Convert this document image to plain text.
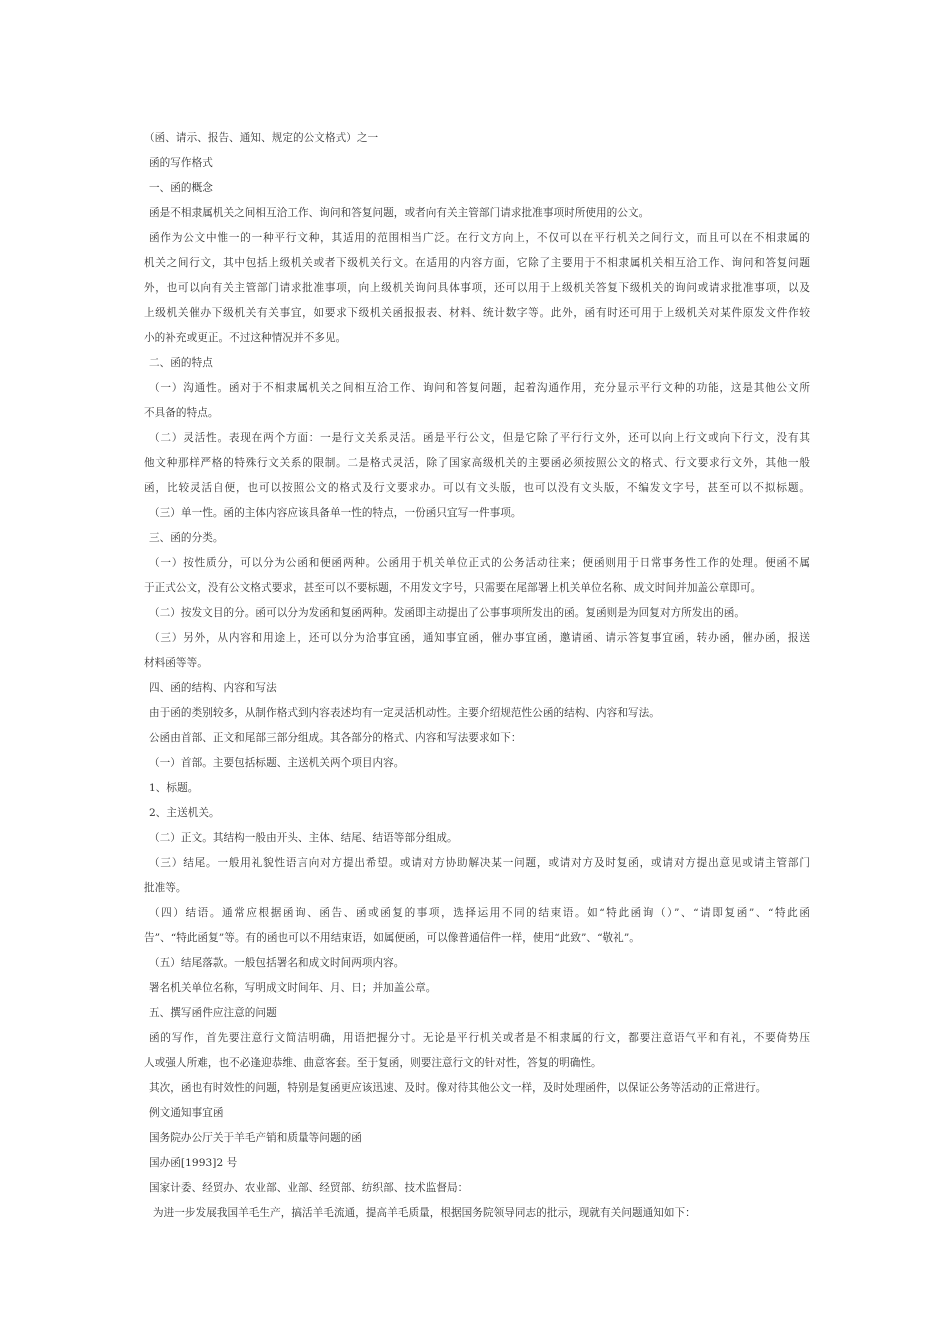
（函、请示、报告、通知、规定的公文格式）之一
函的写作格式
一、函的概念
函是不相隶属机关之间相互洽工作、询问和答复问题，或者向有关主管部门请求批准事项时所使用的公文。
函作为公文中惟一的一种平行文种，其适用的范围相当广泛。在行文方向上，不仅可以在平行机关之间行文，而且可以在不相隶属的
机关之间行文，其中包括上级机关或者下级机关行文。在适用的内容方面，它除了主要用于不相隶属机关相互洽工作、询问和答复问题
外，也可以向有关主管部门请求批准事项，向上级机关询问具体事项，还可以用于上级机关答复下级机关的询问或请求批准事项，以及
上级机关催办下级机关有关事宜，如要求下级机关函报报表、材料、统计数字等。此外，函有时还可用于上级机关对某件原发文件作较
小的补充或更正。不过这种情况并不多见。
二、函的特点
（一）沟通性。函对于不相隶属机关之间相互洽工作、询问和答复问题，起着沟通作用，充分显示平行文种的功能，这是其他公文所
不具备的特点。
（二）灵活性。表现在两个方面：一是行文关系灵活。函是平行公文，但是它除了平行行文外，还可以向上行文或向下行文，没有其
他文种那样严格的特殊行文关系的限制。二是格式灵活，除了国家高级机关的主要函必须按照公文的格式、行文要求行文外，其他一般
函，比较灵活自便，也可以按照公文的格式及行文要求办。可以有文头版，也可以没有文头版，不编发文字号，甚至可以不拟标题。
（三）单一性。函的主体内容应该具备单一性的特点，一份函只宜写一件事项。
三、函的分类。
（一）按性质分，可以分为公函和便函两种。公函用于机关单位正式的公务活动往来；便函则用于日常事务性工作的处理。便函不属
于正式公文，没有公文格式要求，甚至可以不要标题，不用发文字号，只需要在尾部署上机关单位名称、成文时间并加盖公章即可。
（二）按发文目的分。函可以分为发函和复函两种。发函即主动提出了公事事项所发出的函。复函则是为回复对方所发出的函。
（三）另外，从内容和用途上，还可以分为洽事宜函，通知事宜函，催办事宜函，邀请函、请示答复事宜函，转办函，催办函，报送
材料函等等。
四、函的结构、内容和写法
由于函的类别较多，从制作格式到内容表述均有一定灵活机动性。主要介绍规范性公函的结构、内容和写法。
公函由首部、正文和尾部三部分组成。其各部分的格式、内容和写法要求如下：
（一）首部。主要包括标题、主送机关两个项目内容。
1、标题。
2、主送机关。
（二）正文。其结构一般由开头、主体、结尾、结语等部分组成。
（三）结尾。一般用礼貌性语言向对方提出希望。或请对方协助解决某一问题，或请对方及时复函，或请对方提出意见或请主管部门
批准等。
（四）结语。通常应根据函询、函告、函或函复的事项，选择运用不同的结束语。如“特此函询（）”、“请即复函”、“特此函
告”、“特此函复”等。有的函也可以不用结束语，如属便函，可以像普通信件一样，使用“此致”、“敬礼”。
（五）结尾落款。一般包括署名和成文时间两项内容。
署名机关单位名称，写明成文时间年、月、日；并加盖公章。
五、撰写函件应注意的问题
函的写作，首先要注意行文简洁明确，用语把握分寸。无论是平行机关或者是不相隶属的行文，都要注意语气平和有礼，不要倚势压
人或强人所难，也不必逢迎恭维、曲意客套。至于复函，则要注意行文的针对性，答复的明确性。
其次，函也有时效性的问题，特别是复函更应该迅速、及时。像对待其他公文一样，及时处理函件，以保证公务等活动的正常进行。
例文通知事宜函
国务院办公厅关于羊毛产销和质量等问题的函
国办函[1993]2 号
国家计委、经贸办、农业部、业部、经贸部、纺织部、技术监督局：
为进一步发展我国羊毛生产，搞活羊毛流通，提高羊毛质量，根据国务院领导同志的批示，现就有关问题通知如下：
